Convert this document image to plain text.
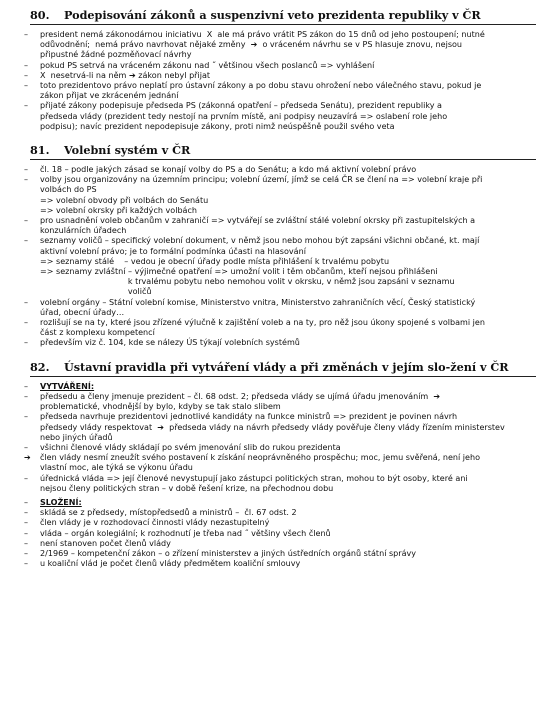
80.	Podepisování zákonů a suspenzivní veto prezidenta republiky v ČR
– president nemá zákonodárnou iniciativu  X  ale má právo vrátit PS zákon do 15 dnů od jeho postoupení; nutné
odůvodnění;  nemá právo navrhovat nějaké změny  ➔  o vráceném návrhu se v PS hlasuje znovu, nejsou
připustné žádné pozměňovací návrhy
– pokud PS setrvá na vráceném zákonu nad ˝ většinou všech poslanců => vyhlášení
– X  nesetrvá-li na něm ➔ zákon nebyl přijat
– toto prezidentovo právo neplatí pro ústavní zákony a po dobu stavu ohrožení nebo válečného stavu, pokud je
zákon přijat ve zkráceném jednání
– přijaté zákony podepisuje předseda PS (zákonná opatření – předseda Senátu), prezident republiky a
předseda vlády (prezident tedy nestojí na prvním místě, ani podpisy neuzavírá => oslabení role jeho
podpisu); navíc prezident nepodepisuje zákony, proti nimž neúspěšně použil svého veta
81.	Volební systém v ČR
– čl. 18 – podle jakých zásad se konají volby do PS a do Senátu; a kdo má aktivní volební právo
– volby jsou organizovány na územním principu; volební území, jímž se celá ČR se člení na => volební kraje při
volbách do PS
=> volební obvody při volbách do Senátu
=> volební okrsky při každých volbách
– pro usnadnění voleb občanům v zahraničí => vytvářejí se zvláštní stálé volební okrsky při zastupitelských a
konzulárních úřadech
– seznamy voličů – specifický volební dokument, v němž jsou nebo mohou být zapsáni všichni občané, kt. mají
aktivní volební právo; je to formální podmínka účasti na hlasování
=> seznamy stálé    – vedou je obecní úřady podle místa přihlášení k trvalému pobytu
=> seznamy zvláštní – výjimečné opatření => umožní volit i těm občanům, kteří nejsou přihlášeni
k trvalému pobytu nebo nemohou volit v okrsku, v němž jsou zapsáni v seznamu
voličů
– volební orgány – Státní volební komise, Ministerstvo vnitra, Ministerstvo zahraničních věcí, Český statistický
úřad, obecní úřady…
– rozlišují se na ty, které jsou zřízené výlučně k zajištění voleb a na ty, pro něž jsou úkony spojené s volbami jen
část z komplexu kompetencí
– především viz č. 104, kde se nálezy ÚS týkají volebních systémů
82.	Ústavní pravidla při vytváření vlády a při změnách v jejím slo-žení v ČR
– VYTVÁŘENÍ:
– předsedu a členy jmenuje prezident – čl. 68 odst. 2; předseda vlády se ujímá úřadu jmenováním  ➔
problematické, vhodnější by bylo, kdyby se tak stalo slibem
– předseda navrhuje prezidentovi jednotlivé kandidáty na funkce ministrů => prezident je povinen návrh
předsedy vlády respektovat  ➔  předseda vlády na návrh předsedy vlády pověřuje členy vlády řízením ministerstev
nebo jiných úřadů
– všichni členové vlády skládají po svém jmenování slib do rukou prezidenta
➔ člen vlády nesmí zneužít svého postavení k získání neoprávněného prospěchu; moc, jemu svěřená, není jeho
vlastní moc, ale týká se výkonu úřadu
– úřednická vláda => její členové nevystupují jako zástupci politických stran, mohou to být osoby, které ani
nejsou členy politických stran – v době řešení krize, na přechodnou dobu
– SLOŽENÍ:
– skládá se z předsedy, místopředsedů a ministrů –  čl. 67 odst. 2
– člen vlády je v rozhodovací činnosti vlády nezastupitelný
– vláda – orgán kolegiální; k rozhodnutí je třeba nad ˝ většiny všech členů
– není stanoven počet členů vlády
– 2/1969 – kompetenční zákon – o zřízení ministerstev a jiných ústředních orgánů státní správy
– u koaliční vlád je počet členů vlády předmětem koaliční smlouvy
